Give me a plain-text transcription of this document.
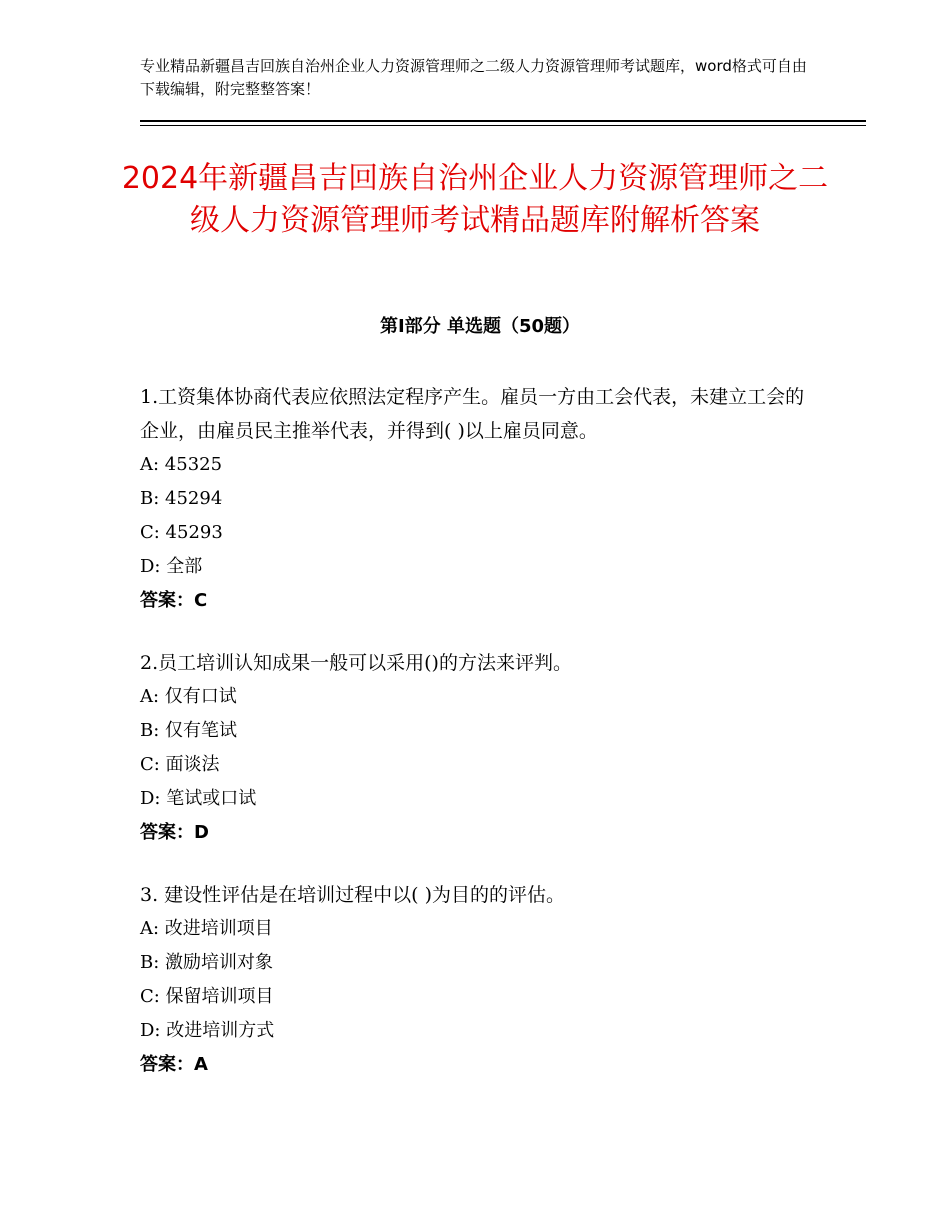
专业精品新疆昌吉回族自治州企业人力资源管理师之二级人力资源管理师考试题库，word格式可自由下载编辑，附完整整答案！
2024年新疆昌吉回族自治州企业人力资源管理师之二级人力资源管理师考试精品题库附解析答案
第Ⅰ部分 单选题（50题）

1.工资集体协商代表应依照法定程序产生。雇员一方由工会代表，未建立工会的企业，由雇员民主推举代表，并得到( )以上雇员同意。

A: 45325

B: 45294

C: 45293

D: 全部

答案：C

2.员工培训认知成果一般可以采用()的方法来评判。

A: 仅有口试

B: 仅有笔试

C: 面谈法

D: 笔试或口试

答案：D

3. 建设性评估是在培训过程中以( )为目的的评估。

A: 改进培训项目

B: 激励培训对象

C: 保留培训项目

D: 改进培训方式

答案：A
